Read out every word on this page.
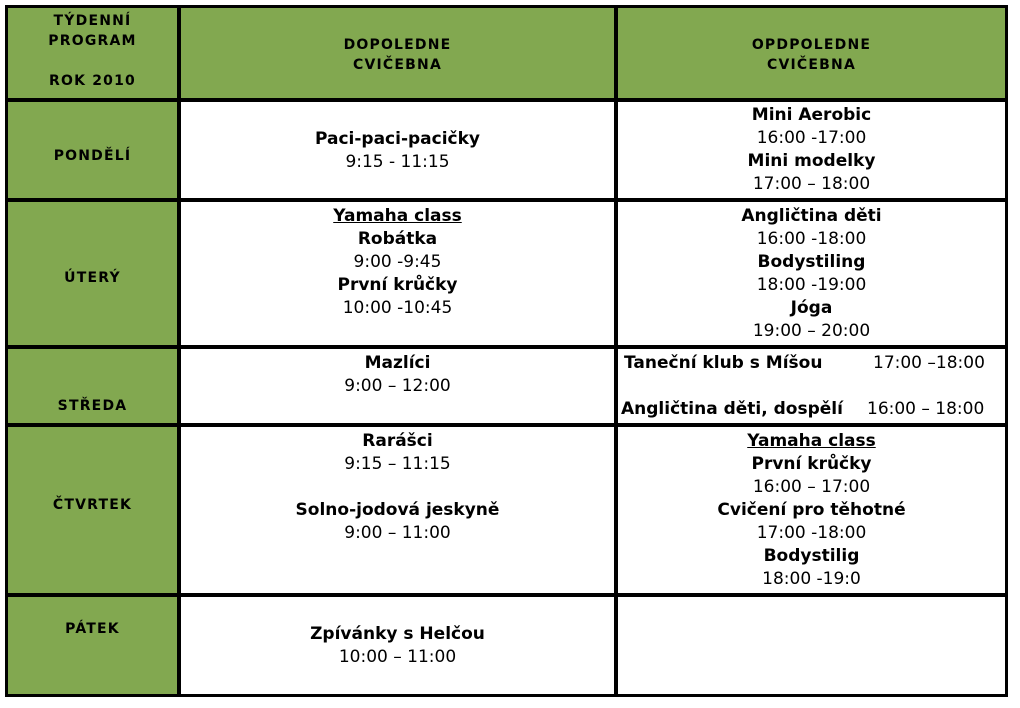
TÝDENNÍ
PROGRAM
ROK 2010
DOPOLEDNE
CVIČEBNA
OPDPOLEDNE
CVIČEBNA
PONDĚLÍ
Paci-paci-pacičky
9:15 - 11:15
Mini Aerobic
16:00 -17:00
Mini modelky
17:00 – 18:00
ÚTERÝ
Yamaha class
Robátka
9:00 -9:45
První krůčky
10:00 -10:45
Angličtina děti
16:00 -18:00
Bodystiling
18:00 -19:00
Jóga
19:00 – 20:00
STŘEDA
Mazlíci
9:00 – 12:00
Taneční klub s Míšou	17:00 –18:00
Angličtina děti, dospělí 16:00 – 18:00
ČTVRTEK
Rarášci
9:15 – 11:15
Solno-jodová jeskyně
9:00 – 11:00
Yamaha class
První krůčky
16:00 – 17:00
Cvičení pro těhotné
17:00 -18:00
Bodystilig
18:00 -19:0
PÁTEK	Zpívánky s Helčou
10:00 – 11:00
